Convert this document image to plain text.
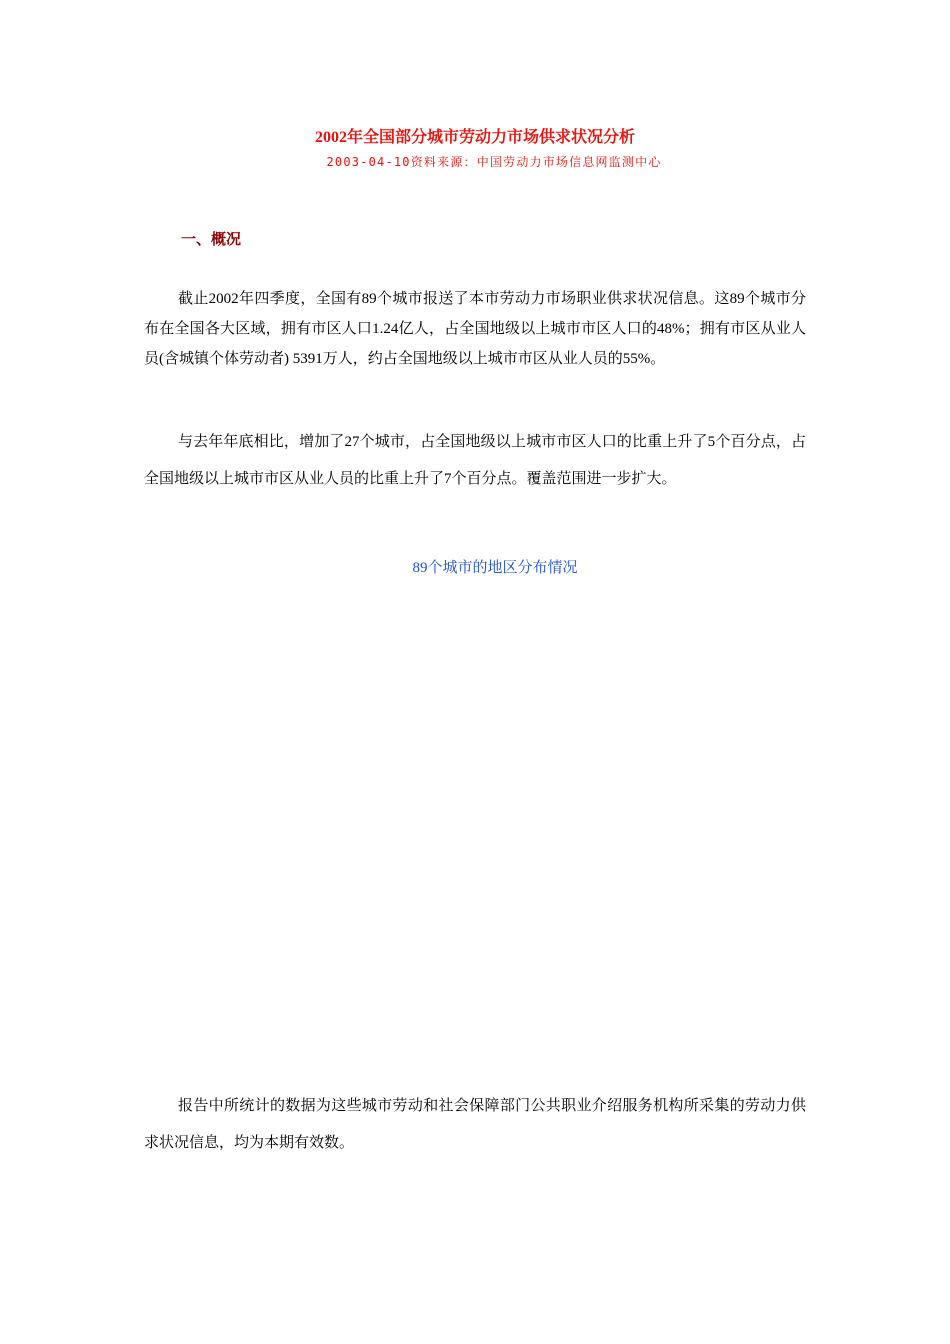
2002年全国部分城市劳动力市场供求状况分析
2003-04-10资料来源：中国劳动力市场信息网监测中心
一、概况

截止2002年四季度，全国有89个城市报送了本市劳动力市场职业供求状况信息。这89个城市分布在全国各大区域，拥有市区人口1.24亿人，占全国地级以上城市市区人口的48%；拥有市区从业人员(含城镇个体劳动者) 5391万人，约占全国地级以上城市市区从业人员的55%。

与去年年底相比，增加了27个城市，占全国地级以上城市市区人口的比重上升了5个百分点，占全国地级以上城市市区从业人员的比重上升了7个百分点。覆盖范围进一步扩大。

89个城市的地区分布情况

报告中所统计的数据为这些城市劳动和社会保障部门公共职业介绍服务机构所采集的劳动力供求状况信息，均为本期有效数。
